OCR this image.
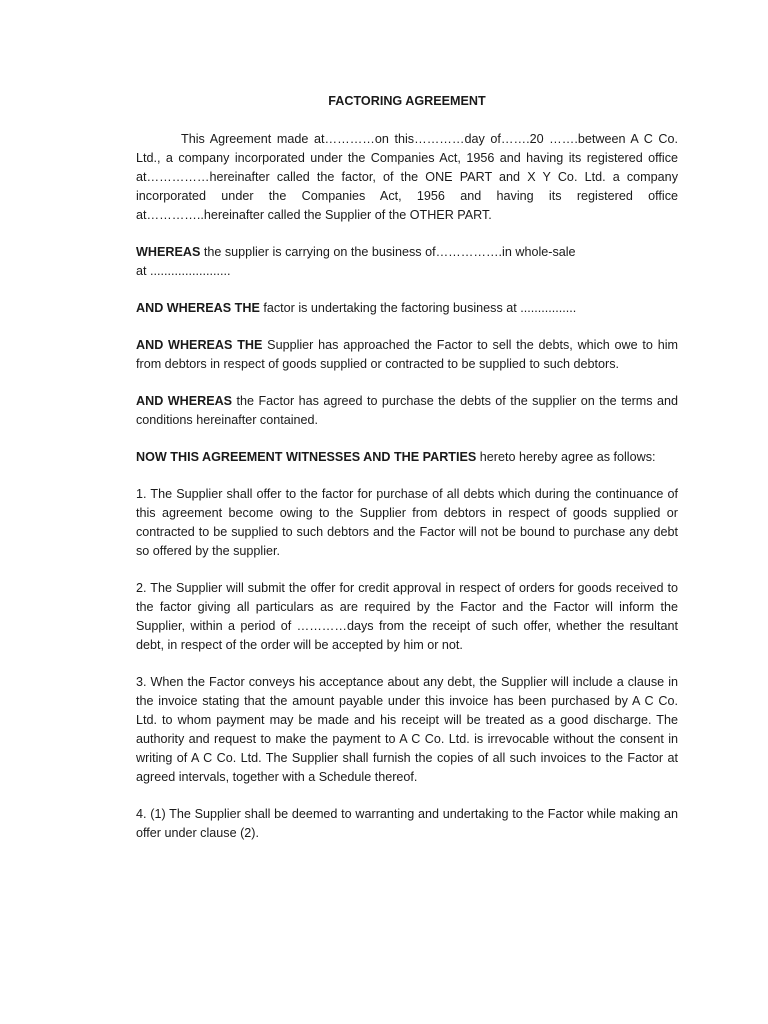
FACTORING AGREEMENT

This Agreement made at…………on this…………day of…….20 …….between A C Co. Ltd., a company incorporated under the Companies Act, 1956 and having its registered office at……………hereinafter called the factor, of the ONE PART and X Y Co. Ltd. a company incorporated under the Companies Act, 1956 and having its registered office at…………..hereinafter called the Supplier of the OTHER PART.

WHEREAS the supplier is carrying on the business of…………….in whole-sale
at .......................

AND WHEREAS THE factor is undertaking the factoring business at ................

AND WHEREAS THE Supplier has approached the Factor to sell the debts, which owe to him from debtors in respect of goods supplied or contracted to be supplied to such debtors.

AND WHEREAS the Factor has agreed to purchase the debts of the supplier on the terms and conditions hereinafter contained.

NOW THIS AGREEMENT WITNESSES AND THE PARTIES hereto hereby agree as follows:

1. The Supplier shall offer to the factor for purchase of all debts which during the continuance of this agreement become owing to the Supplier from debtors in respect of goods supplied or contracted to be supplied to such debtors and the Factor will not be bound to purchase any debt so offered by the supplier.

2. The Supplier will submit the offer for credit approval in respect of orders for goods received to the factor giving all particulars as are required by the Factor and the Factor will inform the Supplier, within a period of …………days from the receipt of such offer, whether the resultant debt, in respect of the order will be accepted by him or not.

3. When the Factor conveys his acceptance about any debt, the Supplier will include a clause in the invoice stating that the amount payable under this invoice has been purchased by A C Co. Ltd. to whom payment may be made and his receipt will be treated as a good discharge. The authority and request to make the payment to A C Co. Ltd. is irrevocable without the consent in writing of A C Co. Ltd. The Supplier shall furnish the copies of all such invoices to the Factor at agreed intervals, together with a Schedule thereof.

4. (1) The Supplier shall be deemed to warranting and undertaking to the Factor while making an offer under clause (2).
